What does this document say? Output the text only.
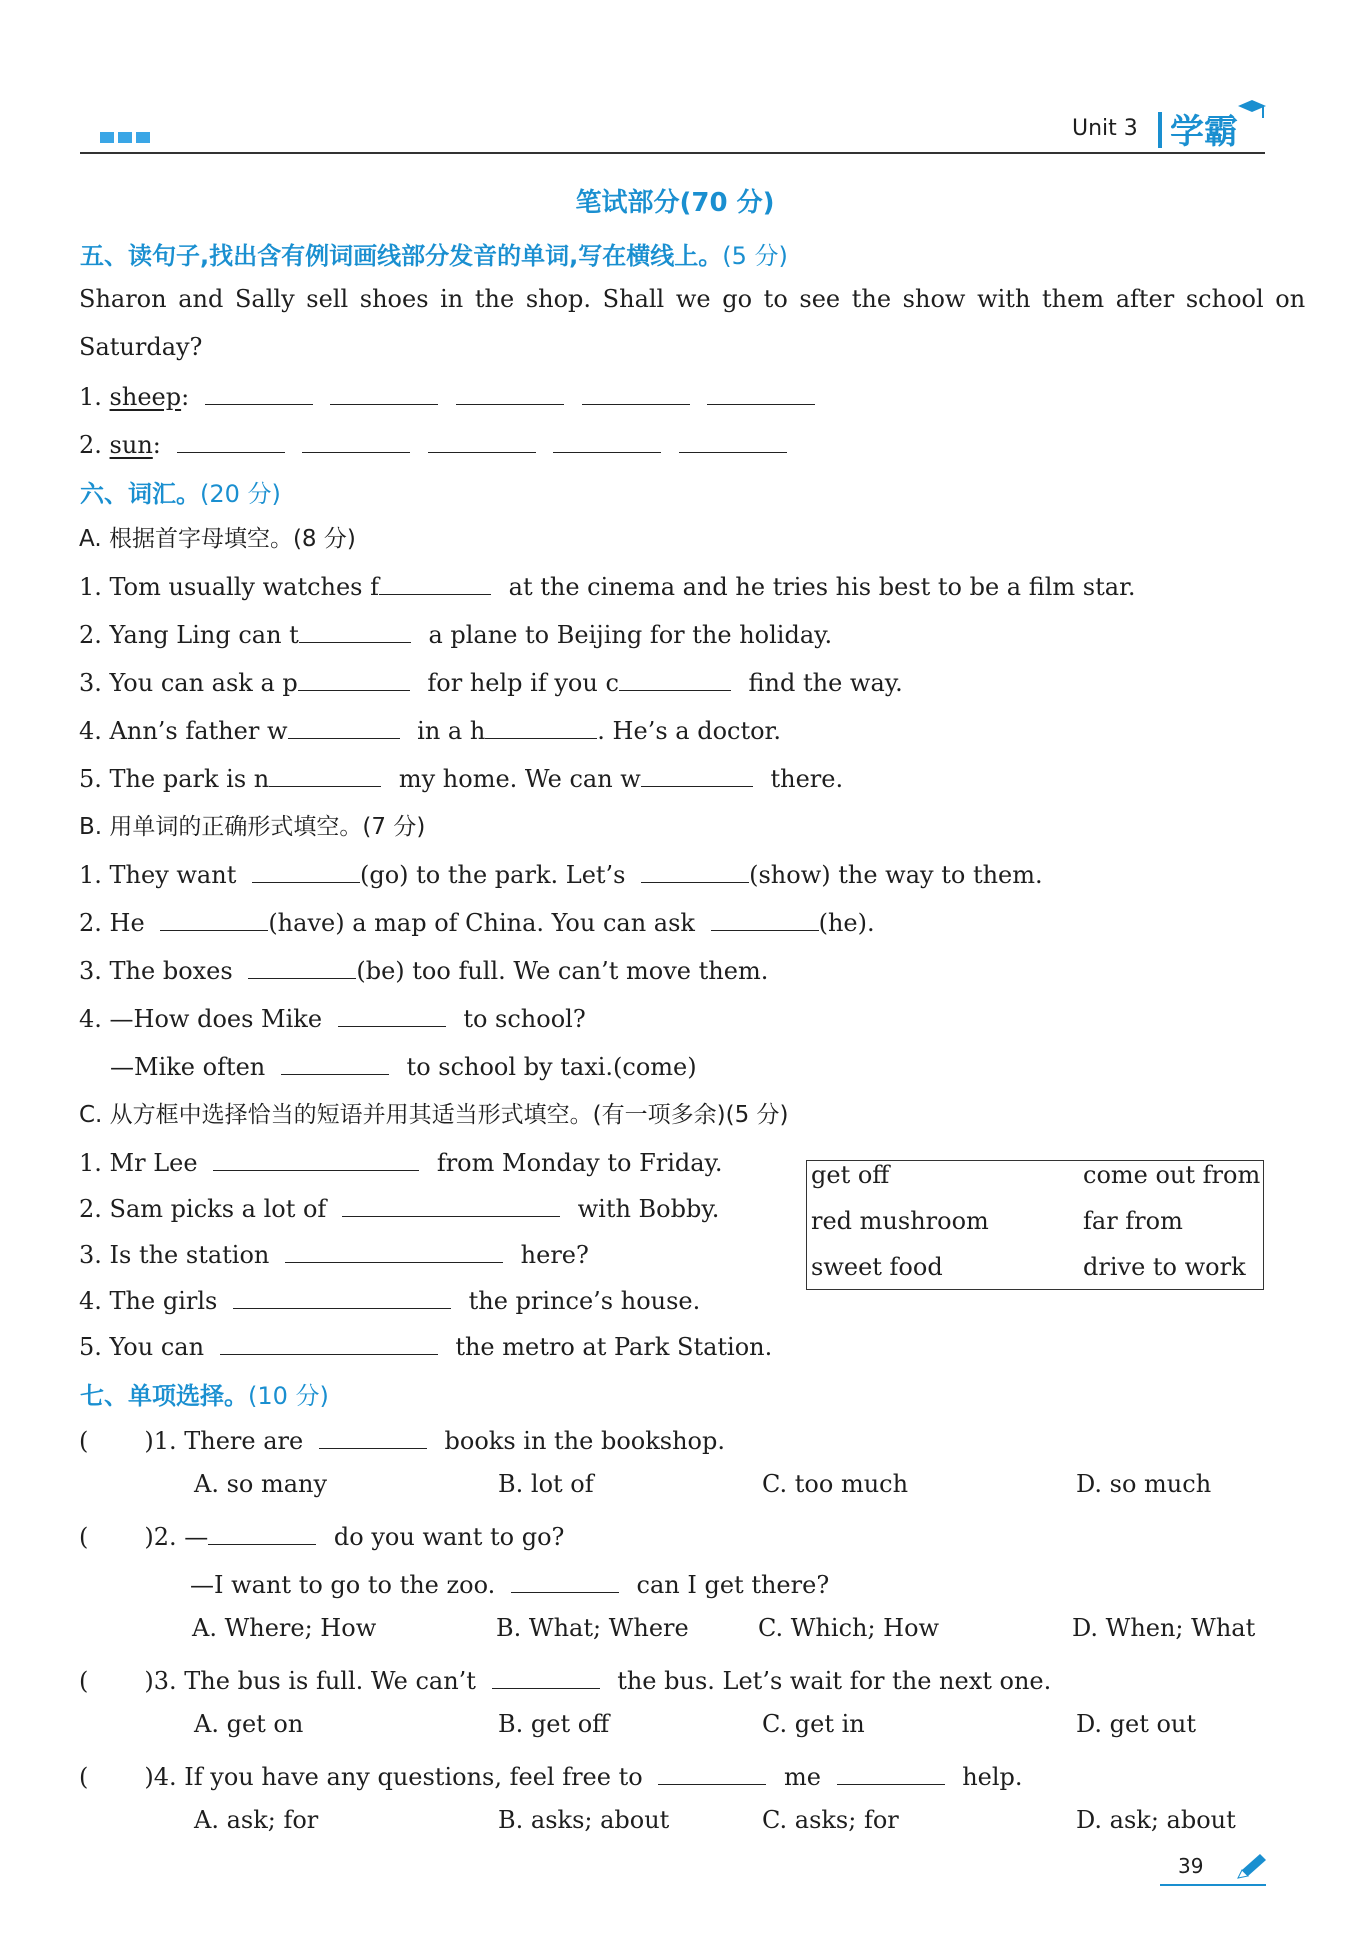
Unit 3 学霸
笔试部分(70 分)
五、读句子,找出含有例词画线部分发音的单词,写在横线上。(5 分)
Sharon and Sally sell shoes in the shop. Shall we go to see the show with them after school on
Saturday?
1. sheep:
2. sun:
六、词汇。(20 分)
A. 根据首字母填空。(8 分)
1. Tom usually watches f	at the cinema and he tries his best to be a film star.
2. Yang Ling can t	a plane to Beijing for the holiday.
3. You can ask a p	for help if you c	find the way.
4. Ann’s father w	in a h	. He’s a doctor.
5. The park is n	my home. We can w	there.
B. 用单词的正确形式填空。(7 分)
1. They want	(go) to the park. Let’s	(show) the way to them.
2. He	(have) a map of China. You can ask	(he).
3. The boxes	(be) too full. We can’t move them.
4. —How does Mike	to school?
—Mike often	to school by taxi.(come)
C. 从方框中选择恰当的短语并用其适当形式填空。(有一项多余)(5 分)
1. Mr Lee	from Monday to Friday.
2. Sam picks a lot of	with Bobby.
3. Is the station	here?
4. The girls	the prince’s house.
5. You can	the metro at Park Station.
get off	come out from
red mushroom	far from
sweet food	drive to work
七、单项选择。(10 分)
( )1. There are	books in the bookshop.
A. so many	B. lot of	C. too much	D. so much
( )2. —	do you want to go?
—I want to go to the zoo.	can I get there?
A. Where; How	B. What; Where	C. Which; How	D. When; What
( )3. The bus is full. We can’t	the bus. Let’s wait for the next one.
A. get on	B. get off	C. get in	D. get out
( )4. If you have any questions, feel free to	me	help.
A. ask; for	B. asks; about	C. asks; for	D. ask; about
39
